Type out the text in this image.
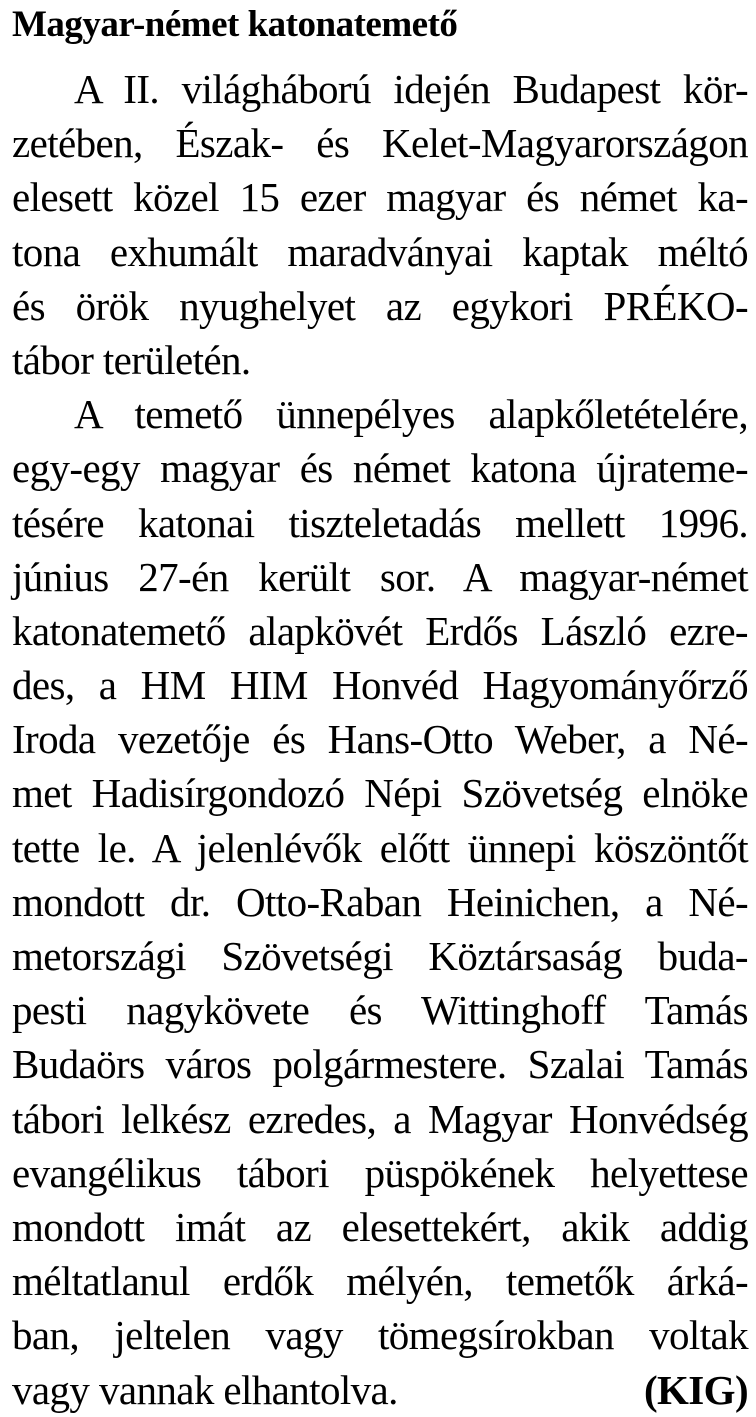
Magyar-német katonatemető
A II. világháború idején Budapest kör-
zetében, Észak- és Kelet-Magyarországon
elesett közel 15 ezer magyar és német ka-
tona exhumált maradványai kaptak méltó
és örök nyughelyet az egykori PRÉKO-
tábor területén.
A temető ünnepélyes alapkőletételére,
egy-egy magyar és német katona újrateme-
tésére katonai tiszteletadás mellett 1996.
június 27-én került sor. A magyar-német
katonatemető alapkövét Erdős László ezre-
des, a HM HIM Honvéd Hagyományőrző
Iroda vezetője és Hans-Otto Weber, a Né-
met Hadisírgondozó Népi Szövetség elnöke
tette le. A jelenlévők előtt ünnepi köszöntőt
mondott dr. Otto-Raban Heinichen, a Né-
metországi Szövetségi Köztársaság buda-
pesti nagykövete és Wittinghoff Tamás
Budaörs város polgármestere. Szalai Tamás
tábori lelkész ezredes, a Magyar Honvédség
evangélikus tábori püspökének helyettese
mondott imát az elesettekért, akik addig
méltatlanul erdők mélyén, temetők árká-
ban, jeltelen vagy tömegsírokban voltak
vagy vannak elhantolva.	(KIG)
